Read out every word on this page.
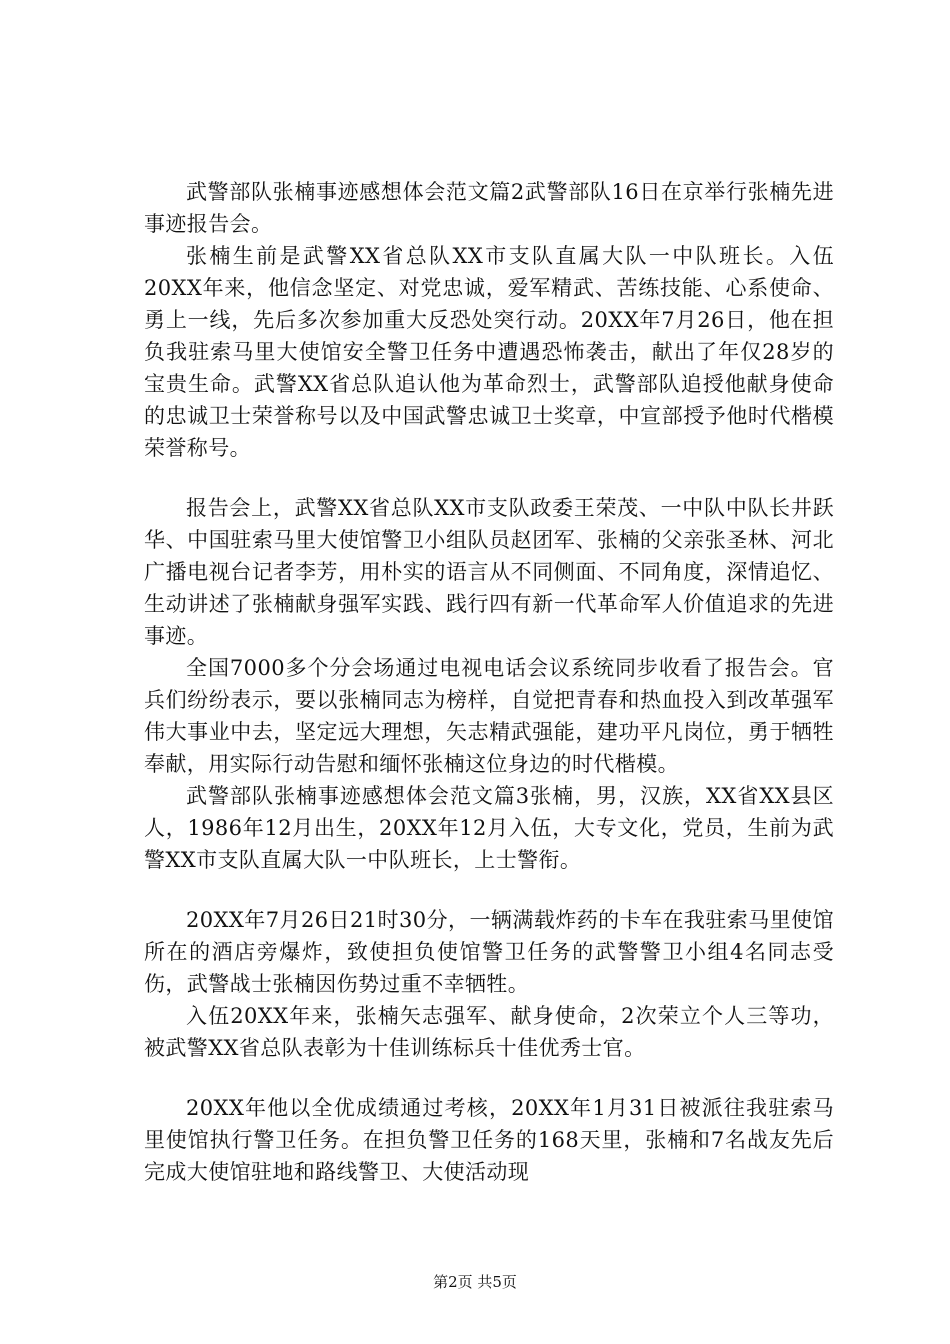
武警部队张楠事迹感想体会范文篇2武警部队16日在京举行张楠先进事迹报告会。

张楠生前是武警XX省总队XX市支队直属大队一中队班长。入伍20XX年来，他信念坚定、对党忠诚，爱军精武、苦练技能、心系使命、勇上一线，先后多次参加重大反恐处突行动。20XX年7月26日，他在担负我驻索马里大使馆安全警卫任务中遭遇恐怖袭击，献出了年仅28岁的宝贵生命。武警XX省总队追认他为革命烈士，武警部队追授他献身使命的忠诚卫士荣誉称号以及中国武警忠诚卫士奖章，中宣部授予他时代楷模荣誉称号。

报告会上，武警XX省总队XX市支队政委王荣茂、一中队中队长井跃华、中国驻索马里大使馆警卫小组队员赵团军、张楠的父亲张圣林、河北广播电视台记者李芳，用朴实的语言从不同侧面、不同角度，深情追忆、生动讲述了张楠献身强军实践、践行四有新一代革命军人价值追求的先进事迹。

全国7000多个分会场通过电视电话会议系统同步收看了报告会。官兵们纷纷表示，要以张楠同志为榜样，自觉把青春和热血投入到改革强军伟大事业中去，坚定远大理想，矢志精武强能，建功平凡岗位，勇于牺牲奉献，用实际行动告慰和缅怀张楠这位身边的时代楷模。

武警部队张楠事迹感想体会范文篇3张楠，男，汉族，XX省XX县区人，1986年12月出生，20XX年12月入伍，大专文化，党员，生前为武警XX市支队直属大队一中队班长，上士警衔。

20XX年7月26日21时30分，一辆满载炸药的卡车在我驻索马里使馆所在的酒店旁爆炸，致使担负使馆警卫任务的武警警卫小组4名同志受伤，武警战士张楠因伤势过重不幸牺牲。

入伍20XX年来，张楠矢志强军、献身使命，2次荣立个人三等功，被武警XX省总队表彰为十佳训练标兵十佳优秀士官。

20XX年他以全优成绩通过考核，20XX年1月31日被派往我驻索马里使馆执行警卫任务。在担负警卫任务的168天里，张楠和7名战友先后完成大使馆驻地和路线警卫、大使活动现

第2页 共5页
